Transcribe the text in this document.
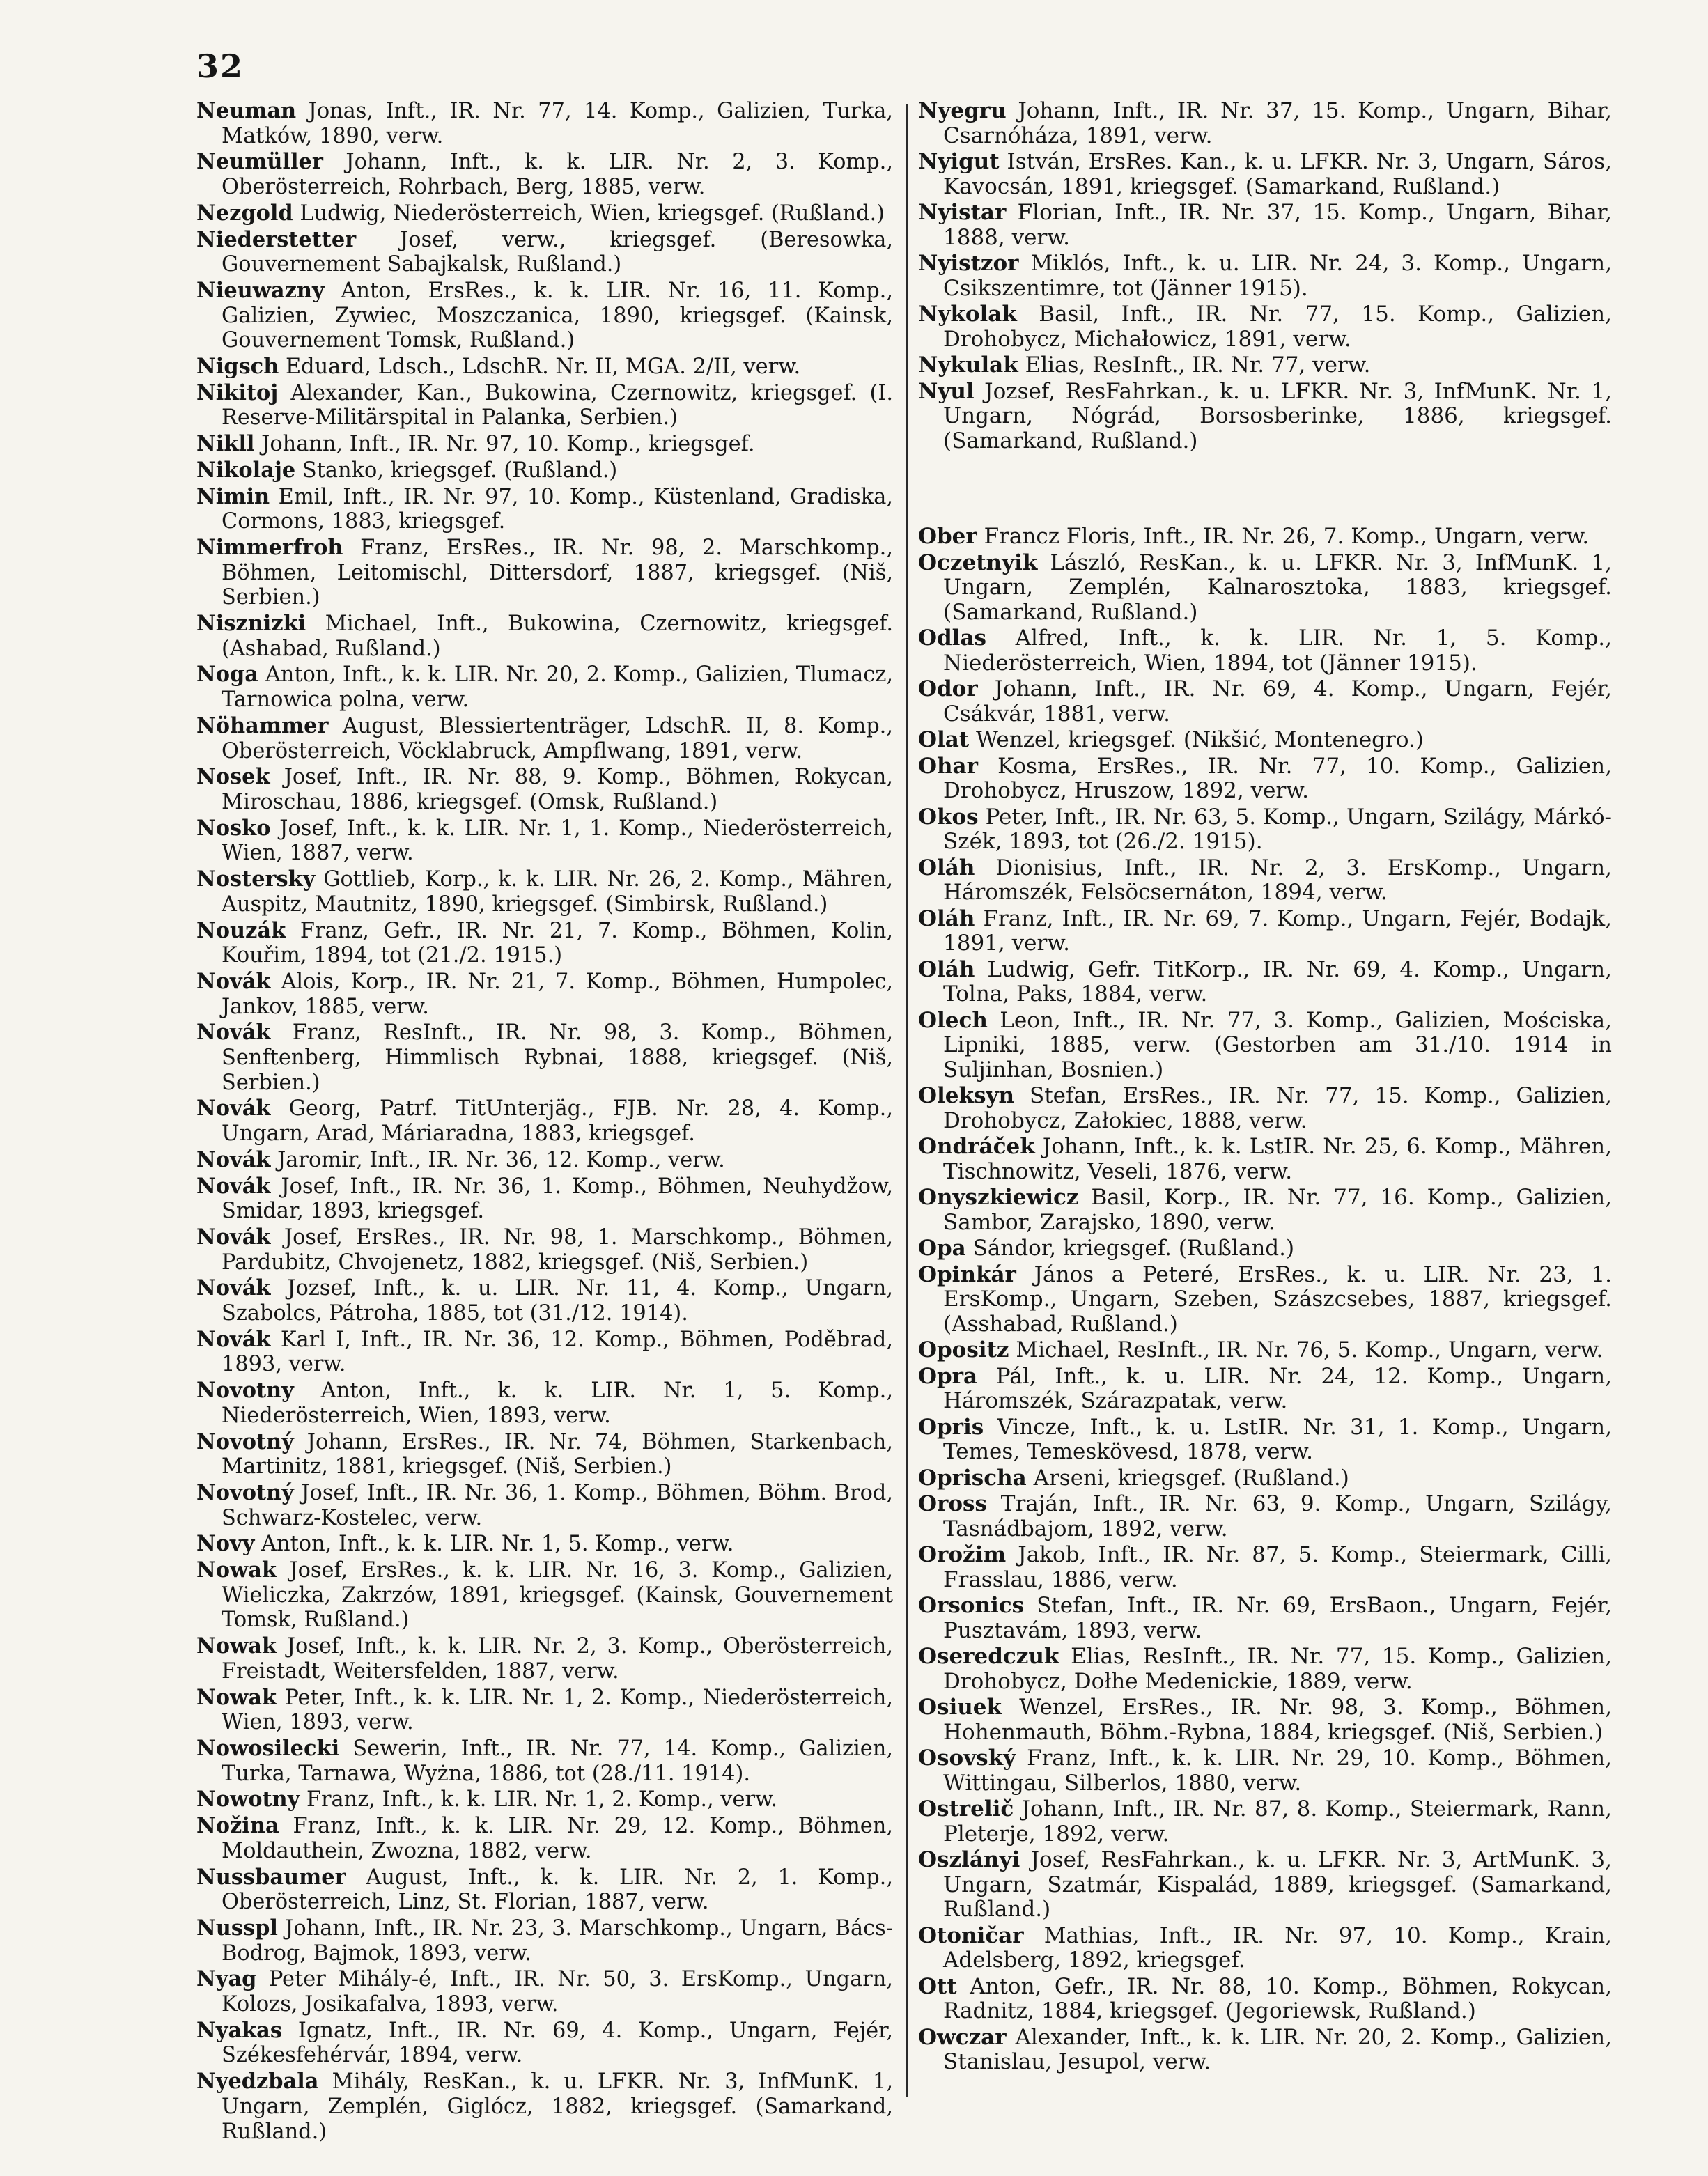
32

Neuman Jonas, Inft., IR. Nr. 77, 14. Komp., Galizien, Turka, Matków, 1890, verw.

Neumüller Johann, Inft., k. k. LIR. Nr. 2, 3. Komp., Oberösterreich, Rohrbach, Berg, 1885, verw.

Nezgold Ludwig, Niederösterreich, Wien, kriegsgef. (Rußland.)

Niederstetter Josef, verw., kriegsgef. (Beresowka, Gouvernement Sabajkalsk, Rußland.)

Nieuwazny Anton, ErsRes., k. k. LIR. Nr. 16, 11. Komp., Galizien, Zywiec, Moszczanica, 1890, kriegsgef. (Kainsk, Gouvernement Tomsk, Rußland.)

Nigsch Eduard, Ldsch., LdschR. Nr. II, MGA. 2/II, verw.

Nikitoj Alexander, Kan., Bukowina, Czernowitz, kriegsgef. (I. Reserve-Militärspital in Palanka, Serbien.)

Nikll Johann, Inft., IR. Nr. 97, 10. Komp., kriegsgef.

Nikolaje Stanko, kriegsgef. (Rußland.)

Nimin Emil, Inft., IR. Nr. 97, 10. Komp., Küstenland, Gradiska, Cormons, 1883, kriegsgef.

Nimmerfroh Franz, ErsRes., IR. Nr. 98, 2. Marschkomp., Böhmen, Leitomischl, Dittersdorf, 1887, kriegsgef. (Niš, Serbien.)

Nisznizki Michael, Inft., Bukowina, Czernowitz, kriegsgef. (Ashabad, Rußland.)

Noga Anton, Inft., k. k. LIR. Nr. 20, 2. Komp., Galizien, Tlumacz, Tarnowica polna, verw.

Nöhammer August, Blessiertenträger, LdschR. II, 8. Komp., Oberösterreich, Vöcklabruck, Ampflwang, 1891, verw.

Nosek Josef, Inft., IR. Nr. 88, 9. Komp., Böhmen, Rokycan, Miroschau, 1886, kriegsgef. (Omsk, Rußland.)

Nosko Josef, Inft., k. k. LIR. Nr. 1, 1. Komp., Niederösterreich, Wien, 1887, verw.

Nostersky Gottlieb, Korp., k. k. LIR. Nr. 26, 2. Komp., Mähren, Auspitz, Mautnitz, 1890, kriegsgef. (Simbirsk, Rußland.)

Nouzák Franz, Gefr., IR. Nr. 21, 7. Komp., Böhmen, Kolin, Kouřim, 1894, tot (21./2. 1915.)

Novák Alois, Korp., IR. Nr. 21, 7. Komp., Böhmen, Humpolec, Jankov, 1885, verw.

Novák Franz, ResInft., IR. Nr. 98, 3. Komp., Böhmen, Senftenberg, Himmlisch Rybnai, 1888, kriegsgef. (Niš, Serbien.)

Novák Georg, Patrf. TitUnterjäg., FJB. Nr. 28, 4. Komp., Ungarn, Arad, Máriaradna, 1883, kriegsgef.

Novák Jaromir, Inft., IR. Nr. 36, 12. Komp., verw.

Novák Josef, Inft., IR. Nr. 36, 1. Komp., Böhmen, Neuhydžow, Smidar, 1893, kriegsgef.

Novák Josef, ErsRes., IR. Nr. 98, 1. Marschkomp., Böhmen, Pardubitz, Chvojenetz, 1882, kriegsgef. (Niš, Serbien.)

Novák Jozsef, Inft., k. u. LIR. Nr. 11, 4. Komp., Ungarn, Szabolcs, Pátroha, 1885, tot (31./12. 1914).

Novák Karl I, Inft., IR. Nr. 36, 12. Komp., Böhmen, Poděbrad, 1893, verw.

Novotny Anton, Inft., k. k. LIR. Nr. 1, 5. Komp., Niederösterreich, Wien, 1893, verw.

Novotný Johann, ErsRes., IR. Nr. 74, Böhmen, Starkenbach, Martinitz, 1881, kriegsgef. (Niš, Serbien.)

Novotný Josef, Inft., IR. Nr. 36, 1. Komp., Böhmen, Böhm. Brod, Schwarz-Kostelec, verw.

Novy Anton, Inft., k. k. LIR. Nr. 1, 5. Komp., verw.

Nowak Josef, ErsRes., k. k. LIR. Nr. 16, 3. Komp., Galizien, Wieliczka, Zakrzów, 1891, kriegsgef. (Kainsk, Gouvernement Tomsk, Rußland.)

Nowak Josef, Inft., k. k. LIR. Nr. 2, 3. Komp., Oberösterreich, Freistadt, Weitersfelden, 1887, verw.

Nowak Peter, Inft., k. k. LIR. Nr. 1, 2. Komp., Niederösterreich, Wien, 1893, verw.

Nowosilecki Sewerin, Inft., IR. Nr. 77, 14. Komp., Galizien, Turka, Tarnawa, Wyżna, 1886, tot (28./11. 1914).

Nowotny Franz, Inft., k. k. LIR. Nr. 1, 2. Komp., verw.

Nožina Franz, Inft., k. k. LIR. Nr. 29, 12. Komp., Böhmen, Moldauthein, Zwozna, 1882, verw.

Nussbaumer August, Inft., k. k. LIR. Nr. 2, 1. Komp., Oberösterreich, Linz, St. Florian, 1887, verw.

Nusspl Johann, Inft., IR. Nr. 23, 3. Marschkomp., Ungarn, Bács-Bodrog, Bajmok, 1893, verw.

Nyag Peter Mihály-é, Inft., IR. Nr. 50, 3. ErsKomp., Ungarn, Kolozs, Josikafalva, 1893, verw.

Nyakas Ignatz, Inft., IR. Nr. 69, 4. Komp., Ungarn, Fejér, Székesfehérvár, 1894, verw.

Nyedzbala Mihály, ResKan., k. u. LFKR. Nr. 3, InfMunK. 1, Ungarn, Zemplén, Giglócz, 1882, kriegsgef. (Samarkand, Rußland.)

Nyegru Johann, Inft., IR. Nr. 37, 15. Komp., Ungarn, Bihar, Csarnóháza, 1891, verw.

Nyigut István, ErsRes. Kan., k. u. LFKR. Nr. 3, Ungarn, Sáros, Kavocsán, 1891, kriegsgef. (Samarkand, Rußland.)

Nyistar Florian, Inft., IR. Nr. 37, 15. Komp., Ungarn, Bihar, 1888, verw.

Nyistzor Miklós, Inft., k. u. LIR. Nr. 24, 3. Komp., Ungarn, Csikszentimre, tot (Jänner 1915).

Nykolak Basil, Inft., IR. Nr. 77, 15. Komp., Galizien, Drohobycz, Michałowicz, 1891, verw.

Nykulak Elias, ResInft., IR. Nr. 77, verw.

Nyul Jozsef, ResFahrkan., k. u. LFKR. Nr. 3, InfMunK. Nr. 1, Ungarn, Nógrád, Borsosberinke, 1886, kriegsgef. (Samarkand, Rußland.)

Ober Francz Floris, Inft., IR. Nr. 26, 7. Komp., Ungarn, verw.

Oczetnyik László, ResKan., k. u. LFKR. Nr. 3, InfMunK. 1, Ungarn, Zemplén, Kalnarosztoka, 1883, kriegsgef. (Samarkand, Rußland.)

Odlas Alfred, Inft., k. k. LIR. Nr. 1, 5. Komp., Niederösterreich, Wien, 1894, tot (Jänner 1915).

Odor Johann, Inft., IR. Nr. 69, 4. Komp., Ungarn, Fejér, Csákvár, 1881, verw.

Olat Wenzel, kriegsgef. (Nikšić, Montenegro.)

Ohar Kosma, ErsRes., IR. Nr. 77, 10. Komp., Galizien, Drohobycz, Hruszow, 1892, verw.

Okos Peter, Inft., IR. Nr. 63, 5. Komp., Ungarn, Szilágy, Márkó-Szék, 1893, tot (26./2. 1915).

Oláh Dionisius, Inft., IR. Nr. 2, 3. ErsKomp., Ungarn, Háromszék, Felsöcsernáton, 1894, verw.

Oláh Franz, Inft., IR. Nr. 69, 7. Komp., Ungarn, Fejér, Bodajk, 1891, verw.

Oláh Ludwig, Gefr. TitKorp., IR. Nr. 69, 4. Komp., Ungarn, Tolna, Paks, 1884, verw.

Olech Leon, Inft., IR. Nr. 77, 3. Komp., Galizien, Mościska, Lipniki, 1885, verw. (Gestorben am 31./10. 1914 in Suljinhan, Bosnien.)

Oleksyn Stefan, ErsRes., IR. Nr. 77, 15. Komp., Galizien, Drohobycz, Załokiec, 1888, verw.

Ondráček Johann, Inft., k. k. LstIR. Nr. 25, 6. Komp., Mähren, Tischnowitz, Veseli, 1876, verw.

Onyszkiewicz Basil, Korp., IR. Nr. 77, 16. Komp., Galizien, Sambor, Zarajsko, 1890, verw.

Opa Sándor, kriegsgef. (Rußland.)

Opinkár János a Peteré, ErsRes., k. u. LIR. Nr. 23, 1. ErsKomp., Ungarn, Szeben, Szászcsebes, 1887, kriegsgef. (Asshabad, Rußland.)

Opositz Michael, ResInft., IR. Nr. 76, 5. Komp., Ungarn, verw.

Opra Pál, Inft., k. u. LIR. Nr. 24, 12. Komp., Ungarn, Háromszék, Szárazpatak, verw.

Opris Vincze, Inft., k. u. LstIR. Nr. 31, 1. Komp., Ungarn, Temes, Temeskövesd, 1878, verw.

Oprischa Arseni, kriegsgef. (Rußland.)

Oross Traján, Inft., IR. Nr. 63, 9. Komp., Ungarn, Szilágy, Tasnádbajom, 1892, verw.

Orožim Jakob, Inft., IR. Nr. 87, 5. Komp., Steiermark, Cilli, Frasslau, 1886, verw.

Orsonics Stefan, Inft., IR. Nr. 69, ErsBaon., Ungarn, Fejér, Pusztavám, 1893, verw.

Oseredczuk Elias, ResInft., IR. Nr. 77, 15. Komp., Galizien, Drohobycz, Dołhe Medenickie, 1889, verw.

Osiuek Wenzel, ErsRes., IR. Nr. 98, 3. Komp., Böhmen, Hohenmauth, Böhm.-Rybna, 1884, kriegsgef. (Niš, Serbien.)

Osovský Franz, Inft., k. k. LIR. Nr. 29, 10. Komp., Böhmen, Wittingau, Silberlos, 1880, verw.

Ostrelič Johann, Inft., IR. Nr. 87, 8. Komp., Steiermark, Rann, Pleterje, 1892, verw.

Oszlányi Josef, ResFahrkan., k. u. LFKR. Nr. 3, ArtMunK. 3, Ungarn, Szatmár, Kispalád, 1889, kriegsgef. (Samarkand, Rußland.)

Otoničar Mathias, Inft., IR. Nr. 97, 10. Komp., Krain, Adelsberg, 1892, kriegsgef.

Ott Anton, Gefr., IR. Nr. 88, 10. Komp., Böhmen, Rokycan, Radnitz, 1884, kriegsgef. (Jegoriewsk, Rußland.)

Owczar Alexander, Inft., k. k. LIR. Nr. 20, 2. Komp., Galizien, Stanislau, Jesupol, verw.
